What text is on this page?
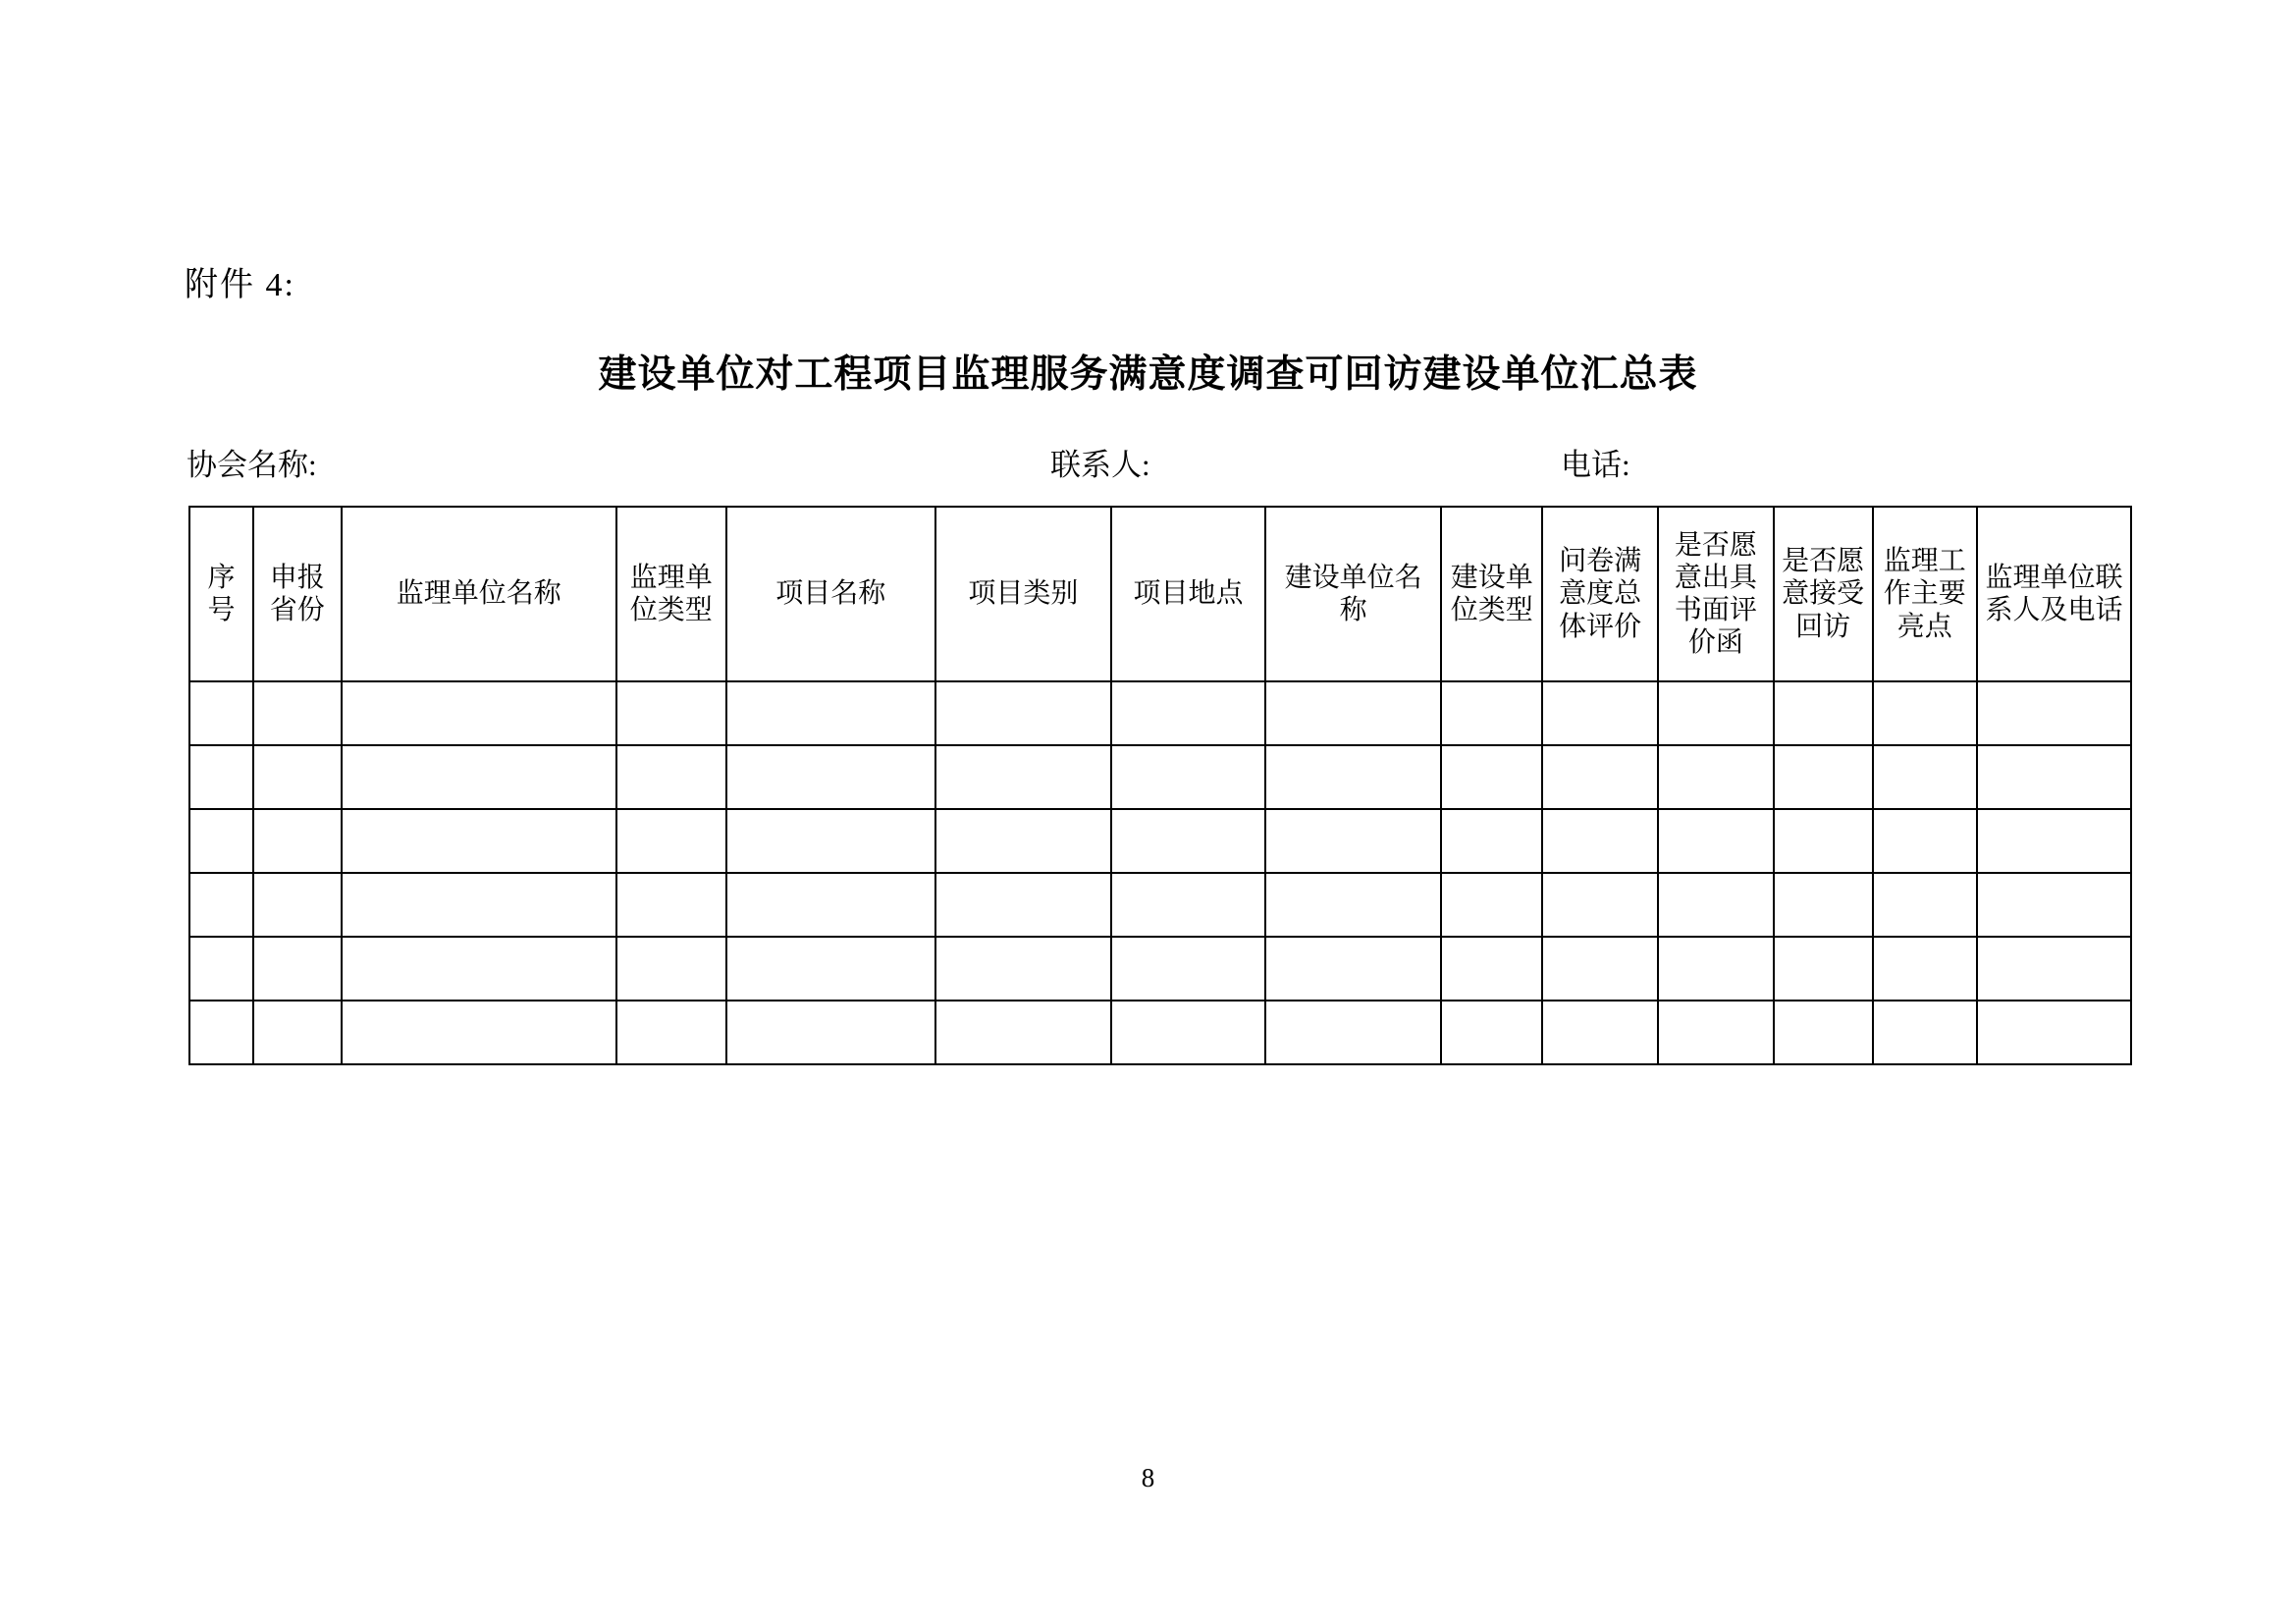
附件 4:
建设单位对工程项目监理服务满意度调查可回访建设单位汇总表
协会名称:	联系人:	电话:
序号	申报省份	监理单位名称	监理单位类型	项目名称	项目类别	项目地点	建设单位名称	建设单位类型	问卷满意度总体评价	是否愿意出具书面评价函	是否愿意接受回访	监理工作主要亮点	监理单位联系人及电话

8
